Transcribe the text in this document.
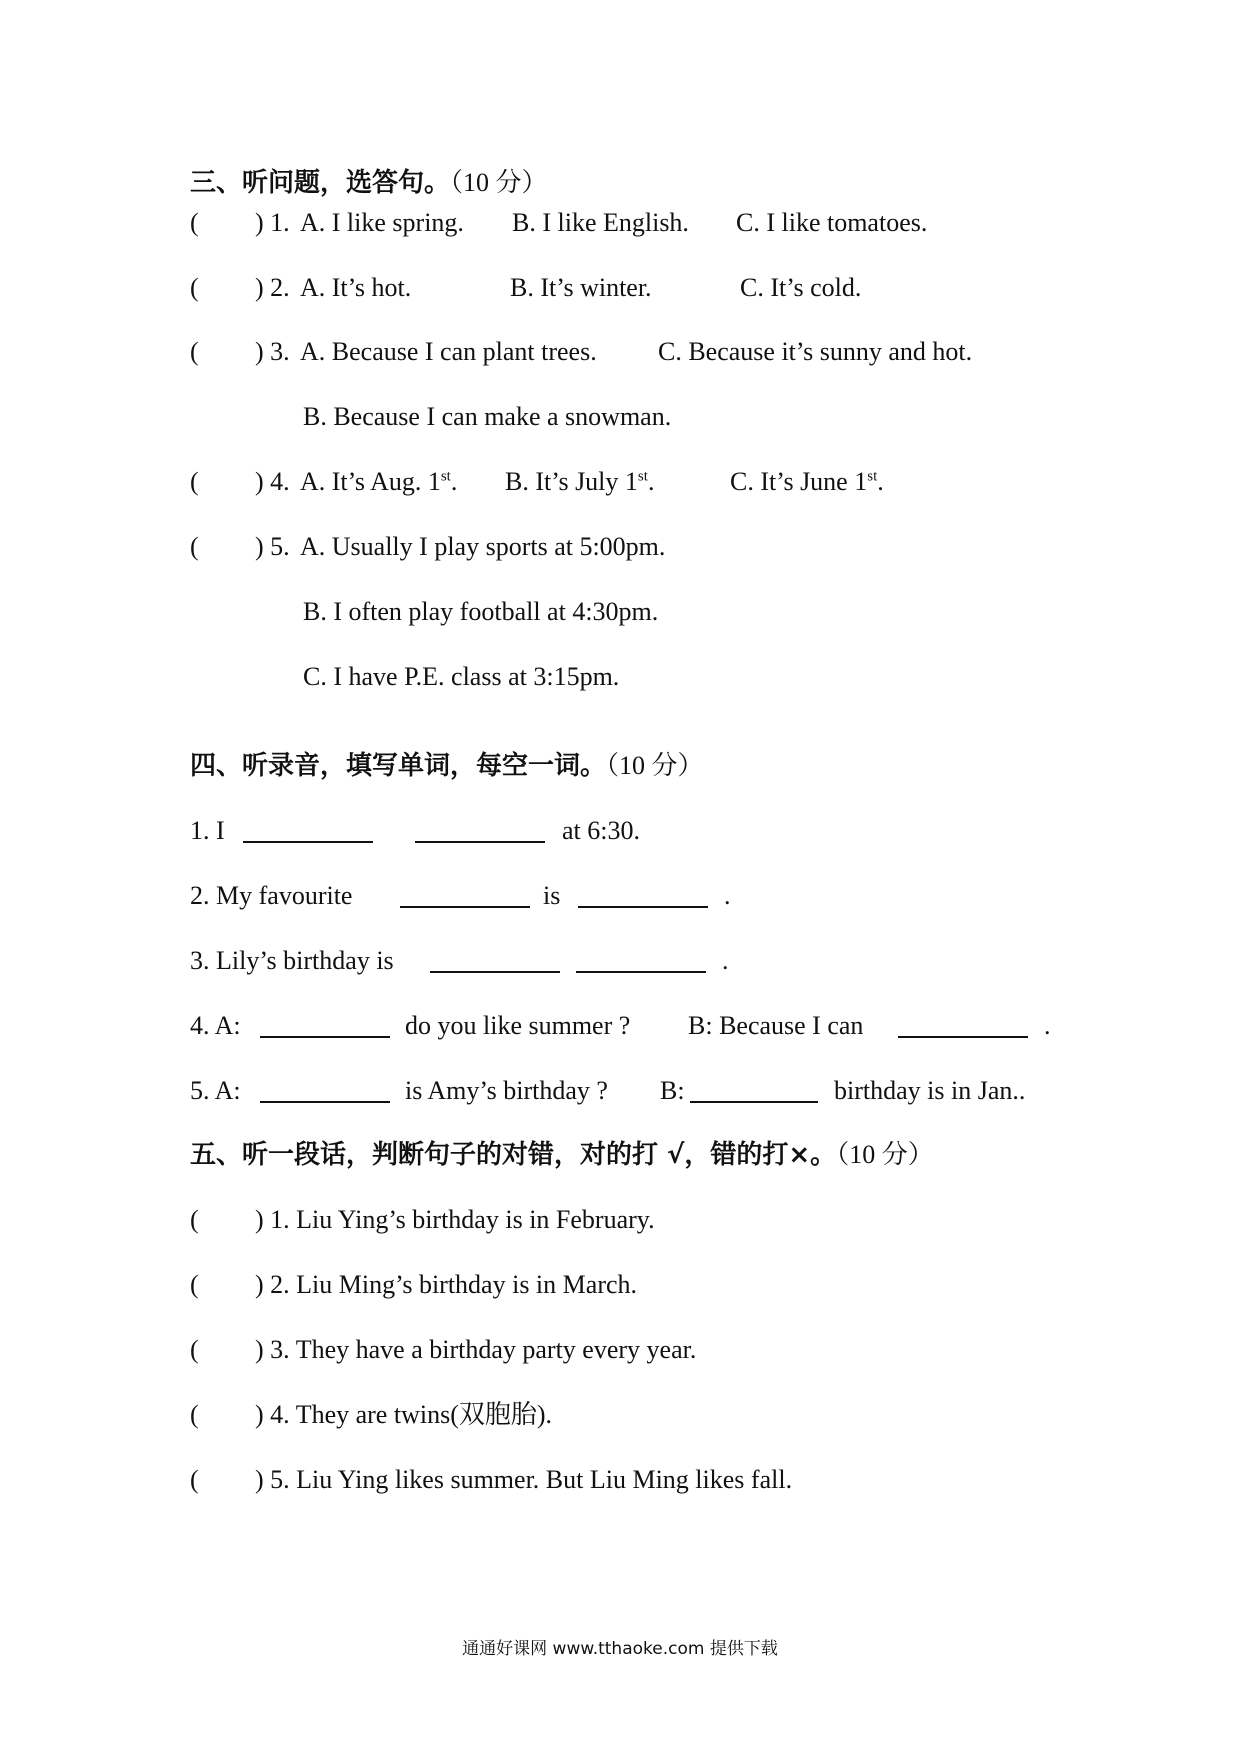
三、听问题，选答句。（10 分）
( ) 1. A. I like spring. B. I like English. C. I like tomatoes.
( ) 2. A. It’s hot.	B. It’s winter.	C. It’s cold.
( ) 3. A. Because I can plant trees. C. Because it’s sunny and hot.
B. Because I can make a snowman.
( ) 4. A. It’s Aug. 1st. B. It’s July 1st.	C. It’s June 1st.
( ) 5. A. Usually I play sports at 5:00pm.
B. I often play football at 4:30pm.
C. I have P.E. class at 3:15pm.
四、听录音，填写单词，每空一词。（10 分）
1. I	at 6:30.
2. My favourite	is	.
3. Lily’s birthday is	.
4. A:	do you like summer ? B: Because I can	.
5. A:	is Amy’s birthday ? B:	birthday is in Jan..
五、听一段话，判断句子的对错，对的打 √，错的打×。（10 分）
( ) 1. Liu Ying’s birthday is in February.
( ) 2. Liu Ming’s birthday is in March.
( ) 3. They have a birthday party every year.
( ) 4. They are twins(双胞胎).
( ) 5. Liu Ying likes summer. But Liu Ming likes fall.
通通好课网 www.tthaoke.com 提供下载
